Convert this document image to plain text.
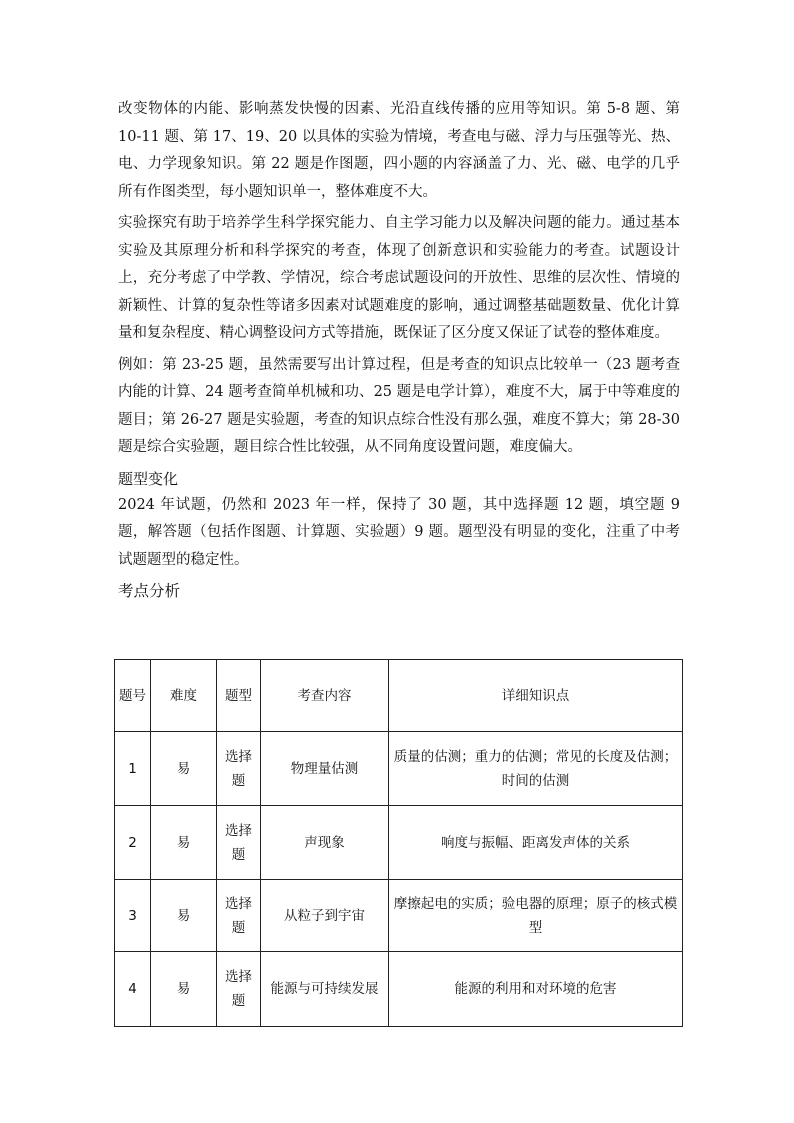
改变物体的内能、影响蒸发快慢的因素、光沿直线传播的应用等知识。第 5-8 题、第 10-11 题、第 17、19、20 以具体的实验为情境，考查电与磁、浮力与压强等光、热、电、力学现象知识。第 22 题是作图题，四小题的内容涵盖了力、光、磁、电学的几乎所有作图类型，每小题知识单一，整体难度不大。

实验探究有助于培养学生科学探究能力、自主学习能力以及解决问题的能力。通过基本实验及其原理分析和科学探究的考查，体现了创新意识和实验能力的考查。试题设计上，充分考虑了中学教、学情况，综合考虑试题设问的开放性、思维的层次性、情境的新颖性、计算的复杂性等诸多因素对试题难度的影响，通过调整基础题数量、优化计算量和复杂程度、精心调整设问方式等措施，既保证了区分度又保证了试卷的整体难度。

例如：第 23-25 题，虽然需要写出计算过程，但是考查的知识点比较单一（23 题考查内能的计算、24 题考查简单机械和功、25 题是电学计算），难度不大，属于中等难度的题目；第 26-27 题是实验题，考查的知识点综合性没有那么强，难度不算大；第 28-30 题是综合实验题，题目综合性比较强，从不同角度设置问题，难度偏大。

题型变化

2024 年试题，仍然和 2023 年一样，保持了 30 题，其中选择题 12 题，填空题 9 题，解答题（包括作图题、计算题、实验题）9 题。题型没有明显的变化，注重了中考试题题型的稳定性。

考点分析

题号	难度	题型	考查内容	详细知识点
1	易	选择题	物理量估测	质量的估测；重力的估测；常见的长度及估测；时间的估测
2	易	选择题	声现象	响度与振幅、距离发声体的关系
3	易	选择题	从粒子到宇宙	摩擦起电的实质；验电器的原理；原子的核式模型
4	易	选择题	能源与可持续发展	能源的利用和对环境的危害
